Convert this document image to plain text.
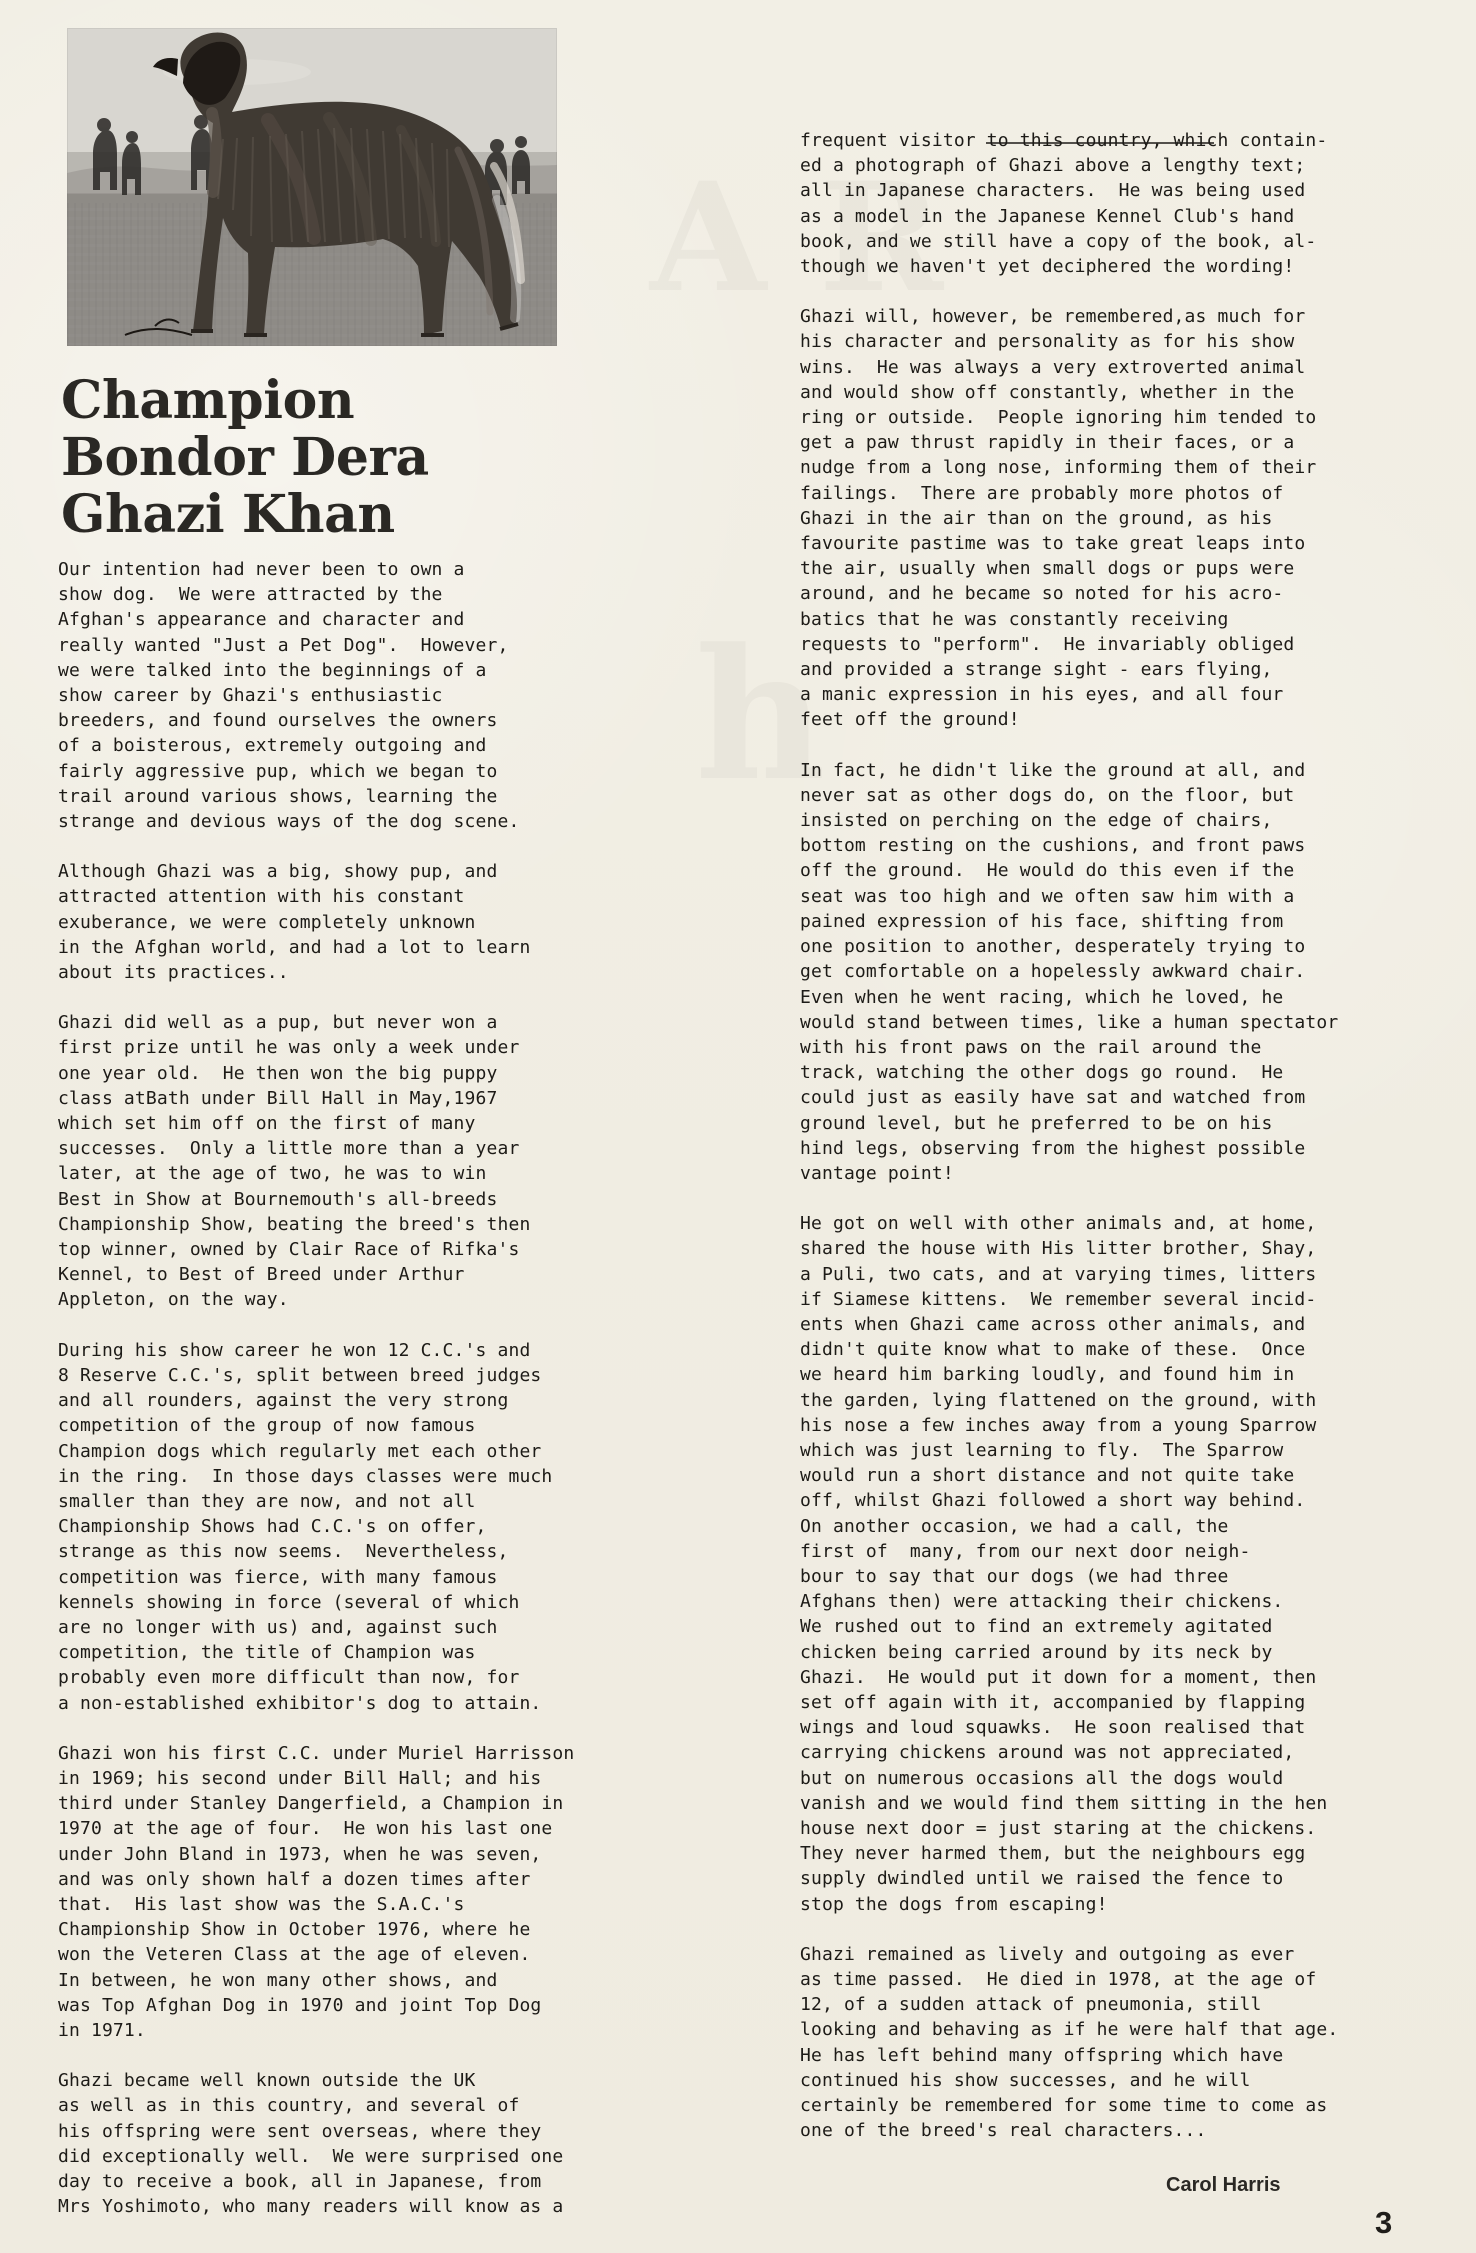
Champion
Bondor Dera
Ghazi Khan

Our intention had never been to own a
show dog.  We were attracted by the
Afghan's appearance and character and
really wanted "Just a Pet Dog".  However,
we were talked into the beginnings of a
show career by Ghazi's enthusiastic
breeders, and found ourselves the owners
of a boisterous, extremely outgoing and
fairly aggressive pup, which we began to
trail around various shows, learning the
strange and devious ways of the dog scene.

Although Ghazi was a big, showy pup, and
attracted attention with his constant
exuberance, we were completely unknown
in the Afghan world, and had a lot to learn
about its practices..

Ghazi did well as a pup, but never won a
first prize until he was only a week under
one year old.  He then won the big puppy
class atBath under Bill Hall in May,1967
which set him off on the first of many
successes.  Only a little more than a year
later, at the age of two, he was to win
Best in Show at Bournemouth's all-breeds
Championship Show, beating the breed's then
top winner, owned by Clair Race of Rifka's
Kennel, to Best of Breed under Arthur
Appleton, on the way.

During his show career he won 12 C.C.'s and
8 Reserve C.C.'s, split between breed judges
and all rounders, against the very strong
competition of the group of now famous
Champion dogs which regularly met each other
in the ring.  In those days classes were much
smaller than they are now, and not all
Championship Shows had C.C.'s on offer,
strange as this now seems.  Nevertheless,
competition was fierce, with many famous
kennels showing in force (several of which
are no longer with us) and, against such
competition, the title of Champion was
probably even more difficult than now, for
a non-established exhibitor's dog to attain.

Ghazi won his first C.C. under Muriel Harrisson
in 1969; his second under Bill Hall; and his
third under Stanley Dangerfield, a Champion in
1970 at the age of four.  He won his last one
under John Bland in 1973, when he was seven,
and was only shown half a dozen times after
that.  His last show was the S.A.C.'s
Championship Show in October 1976, where he
won the Veteren Class at the age of eleven.
In between, he won many other shows, and
was Top Afghan Dog in 1970 and joint Top Dog
in 1971.

Ghazi became well known outside the UK
as well as in this country, and several of
his offspring were sent overseas, where they
did exceptionally well.  We were surprised one
day to receive a book, all in Japanese, from
Mrs Yoshimoto, who many readers will know as a

frequent visitor to this country, which contain-
ed a photograph of Ghazi above a lengthy text;
all in Japanese characters.  He was being used
as a model in the Japanese Kennel Club's hand
book, and we still have a copy of the book, al-
though we haven't yet deciphered the wording!

Ghazi will, however, be remembered,as much for
his character and personality as for his show
wins.  He was always a very extroverted animal
and would show off constantly, whether in the
ring or outside.  People ignoring him tended to
get a paw thrust rapidly in their faces, or a
nudge from a long nose, informing them of their
failings.  There are probably more photos of
Ghazi in the air than on the ground, as his
favourite pastime was to take great leaps into
the air, usually when small dogs or pups were
around, and he became so noted for his acro-
batics that he was constantly receiving
requests to "perform".  He invariably obliged
and provided a strange sight - ears flying,
a manic expression in his eyes, and all four
feet off the ground!

In fact, he didn't like the ground at all, and
never sat as other dogs do, on the floor, but
insisted on perching on the edge of chairs,
bottom resting on the cushions, and front paws
off the ground.  He would do this even if the
seat was too high and we often saw him with a
pained expression of his face, shifting from
one position to another, desperately trying to
get comfortable on a hopelessly awkward chair.
Even when he went racing, which he loved, he
would stand between times, like a human spectator
with his front paws on the rail around the
track, watching the other dogs go round.  He
could just as easily have sat and watched from
ground level, but he preferred to be on his
hind legs, observing from the highest possible
vantage point!

He got on well with other animals and, at home,
shared the house with His litter brother, Shay,
a Puli, two cats, and at varying times, litters
if Siamese kittens.  We remember several incid-
ents when Ghazi came across other animals, and
didn't quite know what to make of these.  Once
we heard him barking loudly, and found him in
the garden, lying flattened on the ground, with
his nose a few inches away from a young Sparrow
which was just learning to fly.  The Sparrow
would run a short distance and not quite take
off, whilst Ghazi followed a short way behind.
On another occasion, we had a call, the
first of  many, from our next door neigh-
bour to say that our dogs (we had three
Afghans then) were attacking their chickens.
We rushed out to find an extremely agitated
chicken being carried around by its neck by
Ghazi.  He would put it down for a moment, then
set off again with it, accompanied by flapping
wings and loud squawks.  He soon realised that
carrying chickens around was not appreciated,
but on numerous occasions all the dogs would
vanish and we would find them sitting in the hen
house next door = just staring at the chickens.
They never harmed them, but the neighbours egg
supply dwindled until we raised the fence to
stop the dogs from escaping!

Ghazi remained as lively and outgoing as ever
as time passed.  He died in 1978, at the age of
12, of a sudden attack of pneumonia, still
looking and behaving as if he were half that age.
He has left behind many offspring which have
continued his show successes, and he will
certainly be remembered for some time to come as
one of the breed's real characters...

Carol Harris
3
